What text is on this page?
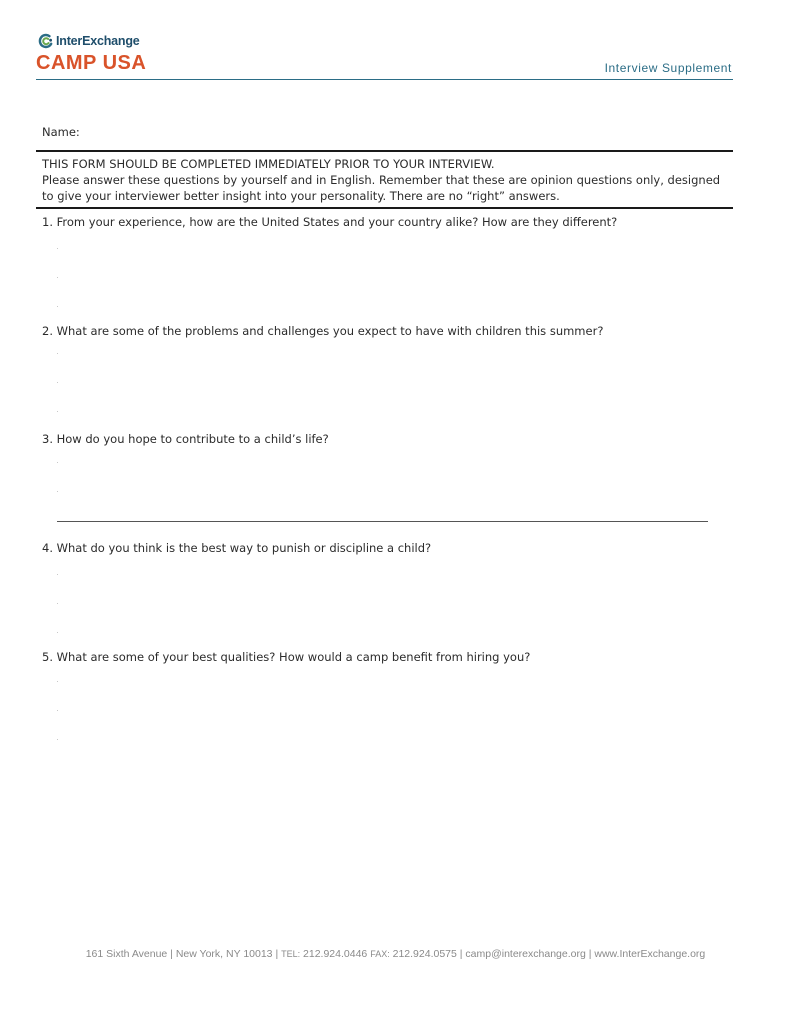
InterExchange
CAMP USA	Interview Supplement
Name:
THIS FORM SHOULD BE COMPLETED IMMEDIATELY PRIOR TO YOUR INTERVIEW.
Please answer these questions by yourself and in English. Remember that these are opinion questions only, designed
to give your interviewer better insight into your personality. There are no “right” answers.
1. From your experience, how are the United States and your country alike? How are they different?
2. What are some of the problems and challenges you expect to have with children this summer?
3. How do you hope to contribute to a child’s life?
4. What do you think is the best way to punish or discipline a child?
5. What are some of your best qualities? How would a camp benefit from hiring you?
161 Sixth Avenue | New York, NY 10013 | TEL: 212.924.0446 FAX: 212.924.0575 | camp@interexchange.org | www.InterExchange.org
